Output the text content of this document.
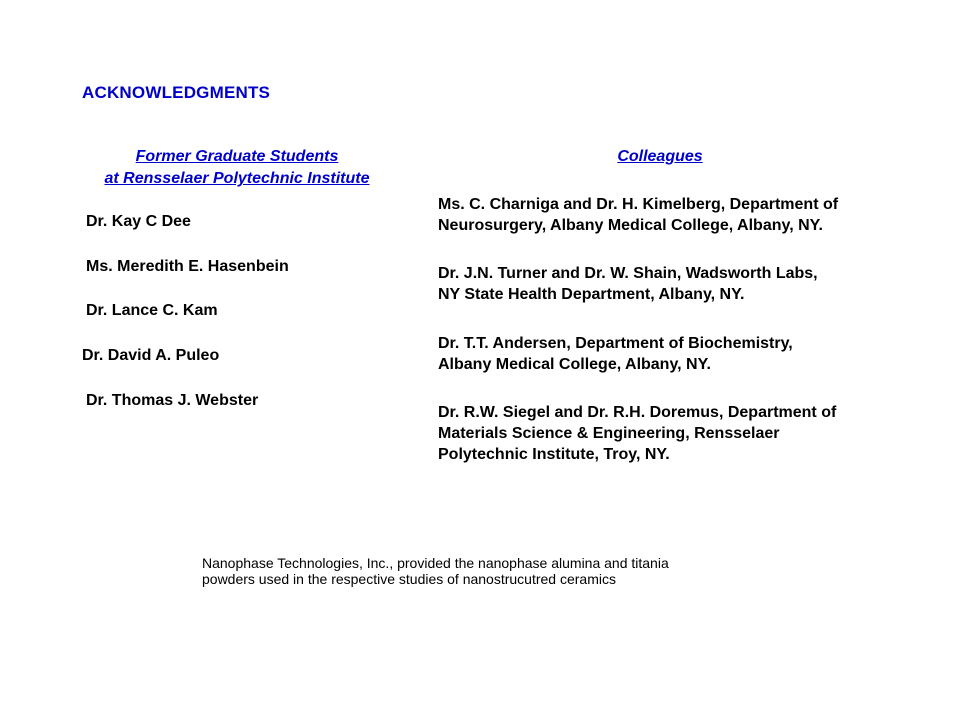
ACKNOWLEDGMENTS
Former Graduate Students
at Rensselaer Polytechnic Institute
Dr. Kay C Dee
Ms. Meredith E. Hasenbein
Dr. Lance C. Kam
Dr. David A. Puleo
Dr. Thomas J. Webster
Colleagues
Ms. C. Charniga and Dr. H. Kimelberg, Department of
Neurosurgery, Albany Medical College, Albany, NY.
Dr. J.N. Turner and Dr. W. Shain, Wadsworth Labs,
NY State Health Department, Albany, NY.
Dr. T.T. Andersen, Department of Biochemistry,
Albany Medical College, Albany, NY.
Dr. R.W. Siegel and Dr. R.H. Doremus, Department of
Materials Science & Engineering, Rensselaer
Polytechnic Institute, Troy, NY.
Nanophase Technologies, Inc., provided the nanophase alumina and titania
powders used in the respective studies of nanostrucutred ceramics
